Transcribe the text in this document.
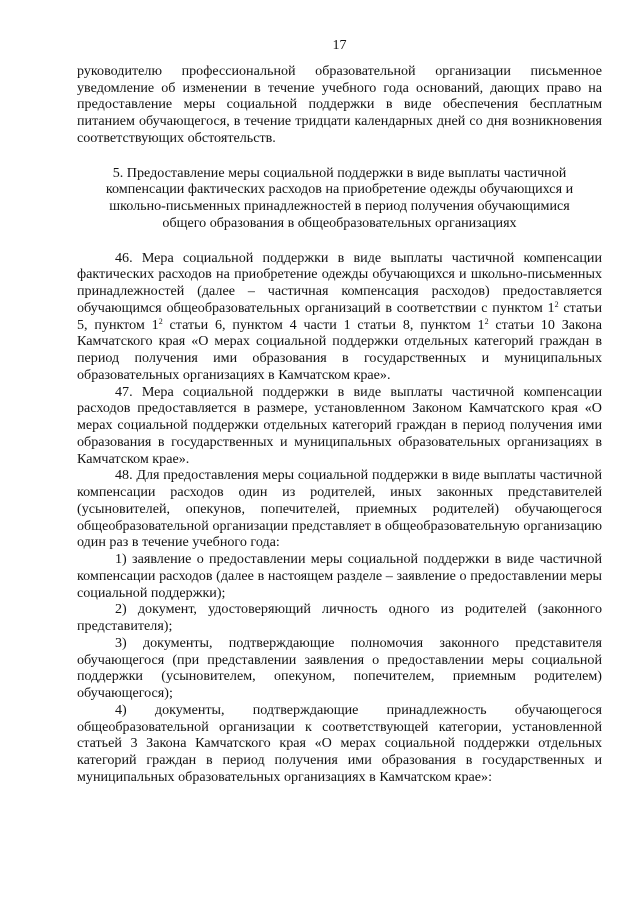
17

руководителю профессиональной образовательной организации письменное уведомление об изменении в течение учебного года оснований, дающих право на предоставление меры социальной поддержки в виде обеспечения бесплатным питанием обучающегося, в течение тридцати календарных дней со дня возникновения соответствующих обстоятельств.

5. Предоставление меры социальной поддержки в виде выплаты частичной компенсации фактических расходов на приобретение одежды обучающихся и школьно-письменных принадлежностей в период получения обучающимися общего образования в общеобразовательных организациях

46. Мера социальной поддержки в виде выплаты частичной компенсации фактических расходов на приобретение одежды обучающихся и школьно-письменных принадлежностей (далее – частичная компенсация расходов) предоставляется обучающимся общеобразовательных организаций в соответствии с пунктом $1^2$ статьи 5, пунктом $1^2$ статьи 6, пунктом 4 части 1 статьи 8, пунктом $1^2$ статьи 10 Закона Камчатского края «О мерах социальной поддержки отдельных категорий граждан в период получения ими образования в государственных и муниципальных образовательных организациях в Камчатском крае».

47. Мера социальной поддержки в виде выплаты частичной компенсации расходов предоставляется в размере, установленном Законом Камчатского края «О мерах социальной поддержки отдельных категорий граждан в период получения ими образования в государственных и муниципальных образовательных организациях в Камчатском крае».

48. Для предоставления меры социальной поддержки в виде выплаты частичной компенсации расходов один из родителей, иных законных представителей (усыновителей, опекунов, попечителей, приемных родителей) обучающегося общеобразовательной организации представляет в общеобразовательную организацию один раз в течение учебного года:

1) заявление о предоставлении меры социальной поддержки в виде частичной компенсации расходов (далее в настоящем разделе – заявление о предоставлении меры социальной поддержки);

2) документ, удостоверяющий личность одного из родителей (законного представителя);

3) документы, подтверждающие полномочия законного представителя обучающегося (при представлении заявления о предоставлении меры социальной поддержки (усыновителем, опекуном, попечителем, приемным родителем) обучающегося);

4) документы, подтверждающие принадлежность обучающегося общеобразовательной организации к соответствующей категории, установленной статьей 3 Закона Камчатского края «О мерах социальной поддержки отдельных категорий граждан в период получения ими образования в государственных и муниципальных образовательных организациях в Камчатском крае»:
